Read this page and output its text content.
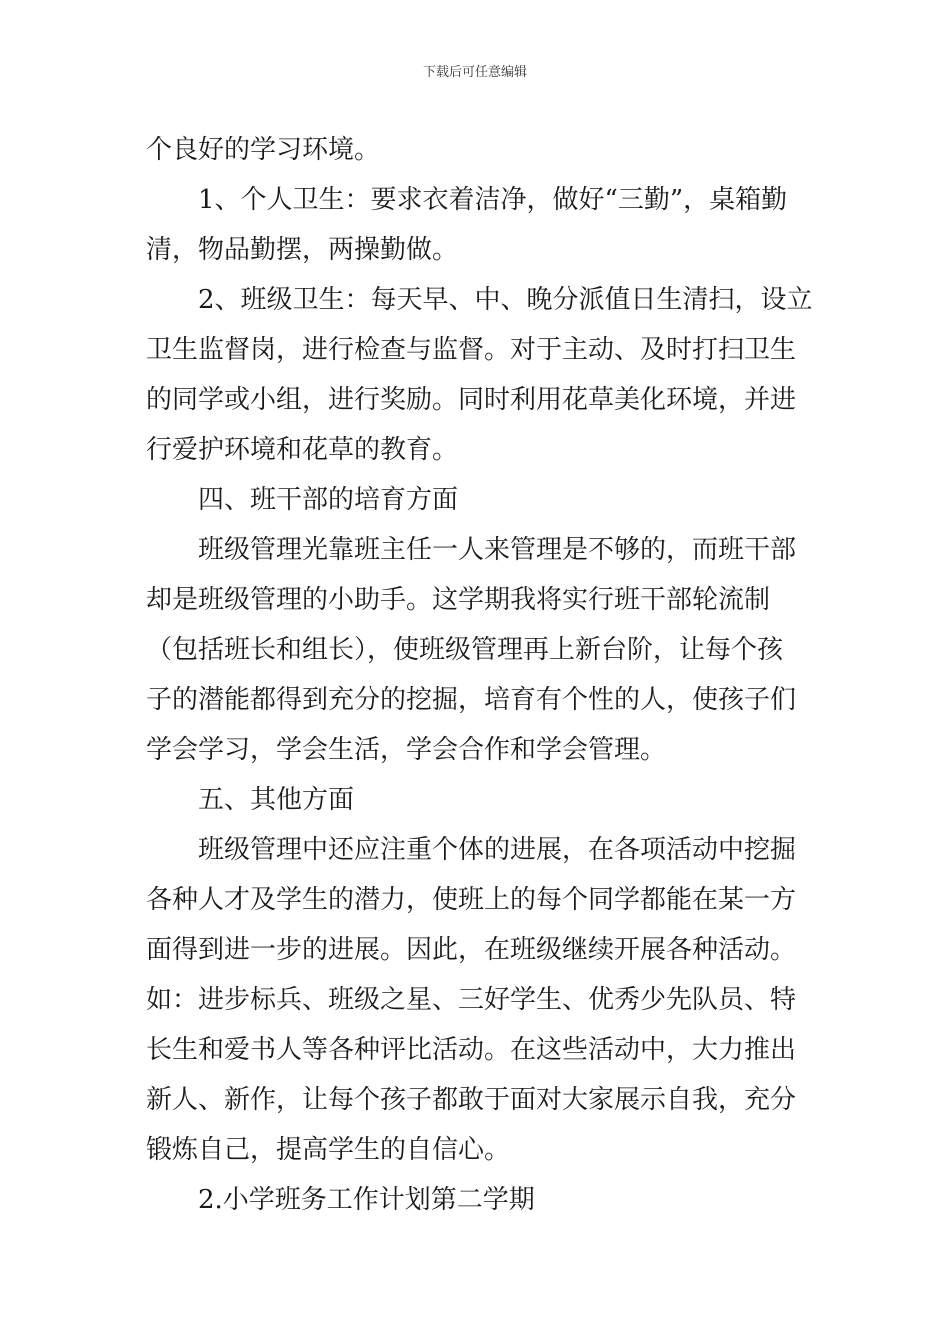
下载后可任意编辑
个良好的学习环境。
1、个人卫生：要求衣着洁净，做好“三勤”，桌箱勤
清，物品勤摆，两操勤做。
2、班级卫生：每天早、中、晚分派值日生清扫，设立
卫生监督岗，进行检查与监督。对于主动、及时打扫卫生
的同学或小组，进行奖励。同时利用花草美化环境，并进
行爱护环境和花草的教育。
四、班干部的培育方面
班级管理光靠班主任一人来管理是不够的，而班干部
却是班级管理的小助手。这学期我将实行班干部轮流制
（包括班长和组长），使班级管理再上新台阶，让每个孩
子的潜能都得到充分的挖掘，培育有个性的人，使孩子们
学会学习，学会生活，学会合作和学会管理。
五、其他方面
班级管理中还应注重个体的进展，在各项活动中挖掘
各种人才及学生的潜力，使班上的每个同学都能在某一方
面得到进一步的进展。因此，在班级继续开展各种活动。
如：进步标兵、班级之星、三好学生、优秀少先队员、特
长生和爱书人等各种评比活动。在这些活动中，大力推出
新人、新作，让每个孩子都敢于面对大家展示自我，充分
锻炼自己，提高学生的自信心。
2.小学班务工作计划第二学期
